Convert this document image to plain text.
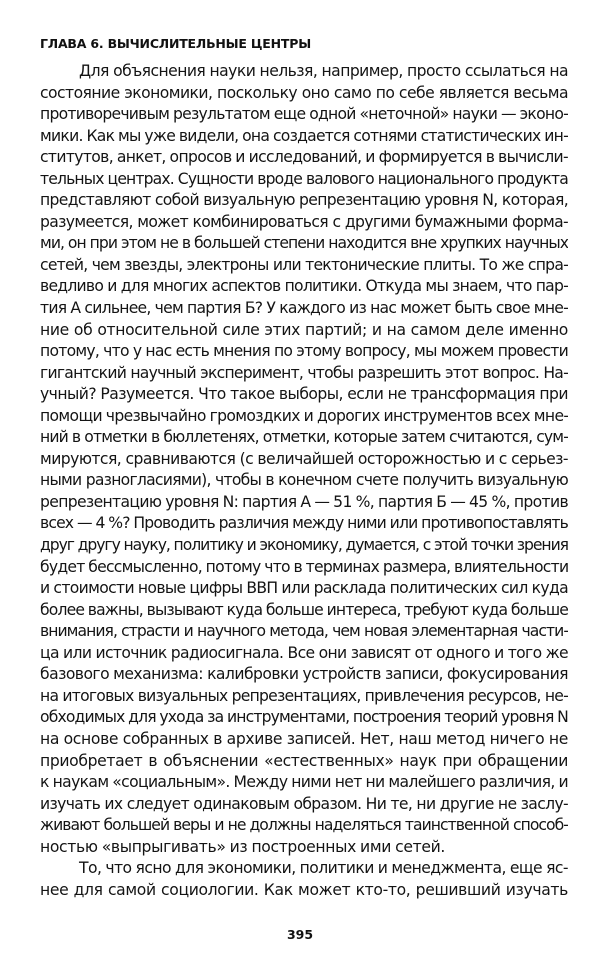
ГЛАВА 6. ВЫЧИСЛИТЕЛЬНЫЕ ЦЕНТРЫ
Для объяснения науки нельзя, например, просто ссылаться на
состояние экономики, поскольку оно само по себе является весьма
противоречивым результатом еще одной «неточной» науки — эконо-
мики. Как мы уже видели, она создается сотнями статистических ин-
ститутов, анкет, опросов и исследований, и формируется в вычисли-
тельных центрах. Сущности вроде валового национального продукта
представляют собой визуальную репрезентацию уровня N, которая,
разумеется, может комбинироваться с другими бумажными форма-
ми, он при этом не в большей степени находится вне хрупких научных
сетей, чем звезды, электроны или тектонические плиты. То же спра-
ведливо и для многих аспектов политики. Откуда мы знаем, что пар-
тия А сильнее, чем партия Б? У каждого из нас может быть свое мне-
ние об относительной силе этих партий; и на самом деле именно
потому, что у нас есть мнения по этому вопросу, мы можем провести
гигантский научный эксперимент, чтобы разрешить этот вопрос. На-
учный? Разумеется. Что такое выборы, если не трансформация при
помощи чрезвычайно громоздких и дорогих инструментов всех мне-
ний в отметки в бюллетенях, отметки, которые затем считаются, сум-
мируются, сравниваются (с величайшей осторожностью и с серьез-
ными разногласиями), чтобы в конечном счете получить визуальную
репрезентацию уровня N: партия А — 51 %, партия Б — 45 %, против
всех — 4 %? Проводить различия между ними или противопоставлять
друг другу науку, политику и экономику, думается, с этой точки зрения
будет бессмысленно, потому что в терминах размера, влиятельности
и стоимости новые цифры ВВП или расклада политических сил куда
более важны, вызывают куда больше интереса, требуют куда больше
внимания, страсти и научного метода, чем новая элементарная части-
ца или источник радиосигнала. Все они зависят от одного и того же
базового механизма: калибровки устройств записи, фокусирования
на итоговых визуальных репрезентациях, привлечения ресурсов, не-
обходимых для ухода за инструментами, построения теорий уровня N
на основе собранных в архиве записей. Нет, наш метод ничего не
приобретает в объяснении «естественных» наук при обращении
к наукам «социальным». Между ними нет ни малейшего различия, и
изучать их следует одинаковым образом. Ни те, ни другие не заслу-
живают большей веры и не должны наделяться таинственной способ-
ностью «выпрыгивать» из построенных ими сетей.
То, что ясно для экономики, политики и менеджмента, еще яс-
нее для самой социологии. Как может кто-то, решивший изучать
395
